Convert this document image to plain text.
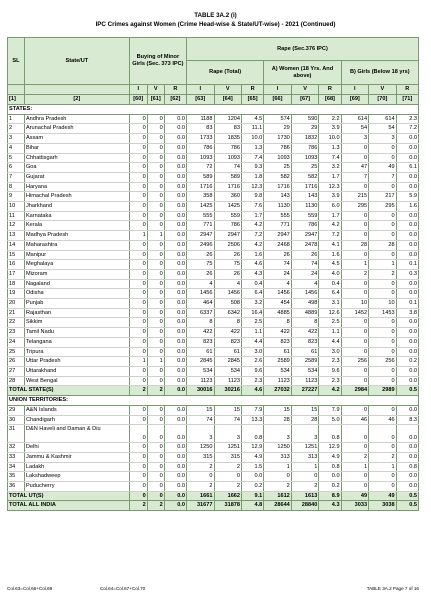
TABLE 3A.2 (i)
IPC Crimes against Women (Crime Head-wise & State/UT-wise) - 2021 (Continued)
SL	State/UT	Buying of Minor Girls (Sec. 373 IPC)			Rape (Sec.376 IPC)								
					Rape (Total)			A) Women (18 Yrs. And above)			B) Girls (Below 18 yrs)		
		I	V	R	I	V	R	I	V	R	I	V	R
[1]	[2]	[60]	[61]	[62]	[63]	[64]	[65]	[66]	[67]	[68]	[69]	[70]	[71]
STATES:													
1	Andhra Pradesh	0	0	0.0	1188	1204	4.5	574	590	2.2	614	614	2.3
2	Arunachal Pradesh	0	0	0.0	83	83	11.1	29	29	3.9	54	54	7.2
3	Assam	0	0	0.0	1733	1835	10.0	1730	1832	10.0	3	3	0.0
4	Bihar	0	0	0.0	786	786	1.3	786	786	1.3	0	0	0.0
5	Chhattisgarh	0	0	0.0	1093	1093	7.4	1093	1093	7.4	0	0	0.0
6	Goa	0	0	0.0	72	74	9.3	25	25	3.2	47	49	6.1
7	Gujarat	0	0	0.0	589	589	1.8	582	582	1.7	7	7	0.0
8	Haryana	0	0	0.0	1716	1716	12.3	1716	1716	12.3	0	0	0.0
9	Himachal Pradesh	0	0	0.0	358	360	9.8	143	143	3.9	215	217	5.9
10	Jharkhand	0	0	0.0	1425	1425	7.6	1130	1130	6.0	295	295	1.6
11	Karnataka	0	0	0.0	555	559	1.7	555	559	1.7	0	0	0.0
12	Kerala	0	0	0.0	771	786	4.2	771	786	4.2	0	0	0.0
13	Madhya Pradesh	1	1	0.0	2947	2947	7.2	2947	2947	7.2	0	0	0.0
14	Maharashtra	0	0	0.0	2496	2506	4.2	2468	2478	4.1	28	28	0.0
15	Manipur	0	0	0.0	26	26	1.6	26	26	1.6	0	0	0.0
16	Meghalaya	0	0	0.0	75	75	4.6	74	74	4.5	1	1	0.1
17	Mizoram	0	0	0.0	26	26	4.3	24	24	4.0	2	2	0.3
18	Nagaland	0	0	0.0	4	4	0.4	4	4	0.4	0	0	0.0
19	Odisha	0	0	0.0	1456	1456	6.4	1456	1456	6.4	0	0	0.0
20	Punjab	0	0	0.0	464	508	3.2	454	498	3.1	10	10	0.1
21	Rajasthan	0	0	0.0	6337	6342	16.4	4885	4889	12.6	1452	1453	3.8
22	Sikkim	0	0	0.0	8	8	2.5	8	8	2.5	0	0	0.0
23	Tamil Nadu	0	0	0.0	422	422	1.1	422	422	1.1	0	0	0.0
24	Telangana	0	0	0.0	823	823	4.4	823	823	4.4	0	0	0.0
25	Tripura	0	0	0.0	61	61	3.0	61	61	3.0	0	0	0.0
26	Uttar Pradesh	1	1	0.0	2845	2845	2.6	2589	2589	2.3	256	256	0.2
27	Uttarakhand	0	0	0.0	534	534	9.6	534	534	9.6	0	0	0.0
28	West Bengal	0	0	0.0	1123	1123	2.3	1123	1123	2.3	0	0	0.0
TOTAL STATE(S)		2	2	0.0	30016	30216	4.6	27032	27227	4.2	2984	2989	0.5
UNION TERRITORIES:													
29	A&N Islands	0	0	0.0	15	15	7.9	15	15	7.9	0	0	0.0
30	Chandigarh	0	0	0.0	74	74	13.3	28	28	5.0	46	46	8.3
31	D&N Haveli and Daman & Diu	0	0	0.0	3	3	0.8	3	3	0.8	0	0	0.0
32	Delhi	0	0	0.0	1250	1251	12.9	1250	1251	12.9	0	0	0.0
33	Jammu & Kashmir	0	0	0.0	315	315	4.9	313	313	4.9	2	2	0.0
34	Ladakh	0	0	0.0	2	2	1.5	1	1	0.8	1	1	0.8
35	Lakshadweep	0	0	0.0	0	0	0.0	0	0	0.0	0	0	0.0
36	Puducherry	0	0	0.0	2	2	0.2	2	2	0.2	0	0	0.0
TOTAL UT(S)		0	0	0.0	1661	1662	9.1	1612	1613	8.9	49	49	0.5
TOTAL ALL INDIA		2	2	0.0	31677	31878	4.8	28644	28840	4.3	3033	3038	0.5
Col.63=Col.66+Col.69	Col.64=Col.67+Col.70	TABLE 3A.2 Page 7 of 16
